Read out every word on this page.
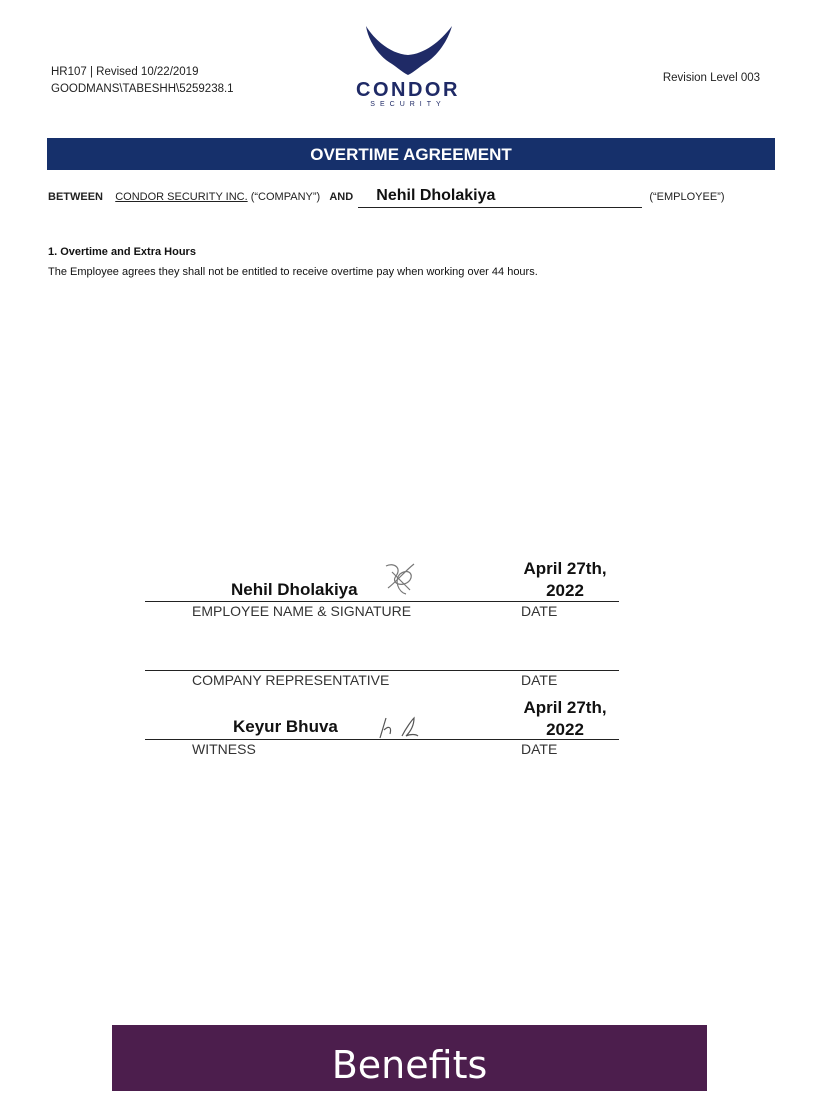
HR107 | Revised 10/22/2019
GOODMANS\TABESHH\5259238.1	CONDOR
SECURITY
Revision Level 003
OVERTIME AGREEMENT
BETWEEN CONDOR SECURITY INC. (“COMPANY”) AND Nehil Dholakiya	(“EMPLOYEE”)
1. Overtime and Extra Hours
The Employee agrees they shall not be entitled to receive overtime pay when working over 44 hours.
Nehil Dholakiya
April 27th, 2022
EMPLOYEE NAME & SIGNATURE	DATE
COMPANY REPRESENTATIVE	DATE
Keyur Bhuva
April 27th, 2022
WITNESS	DATE
Benefits
